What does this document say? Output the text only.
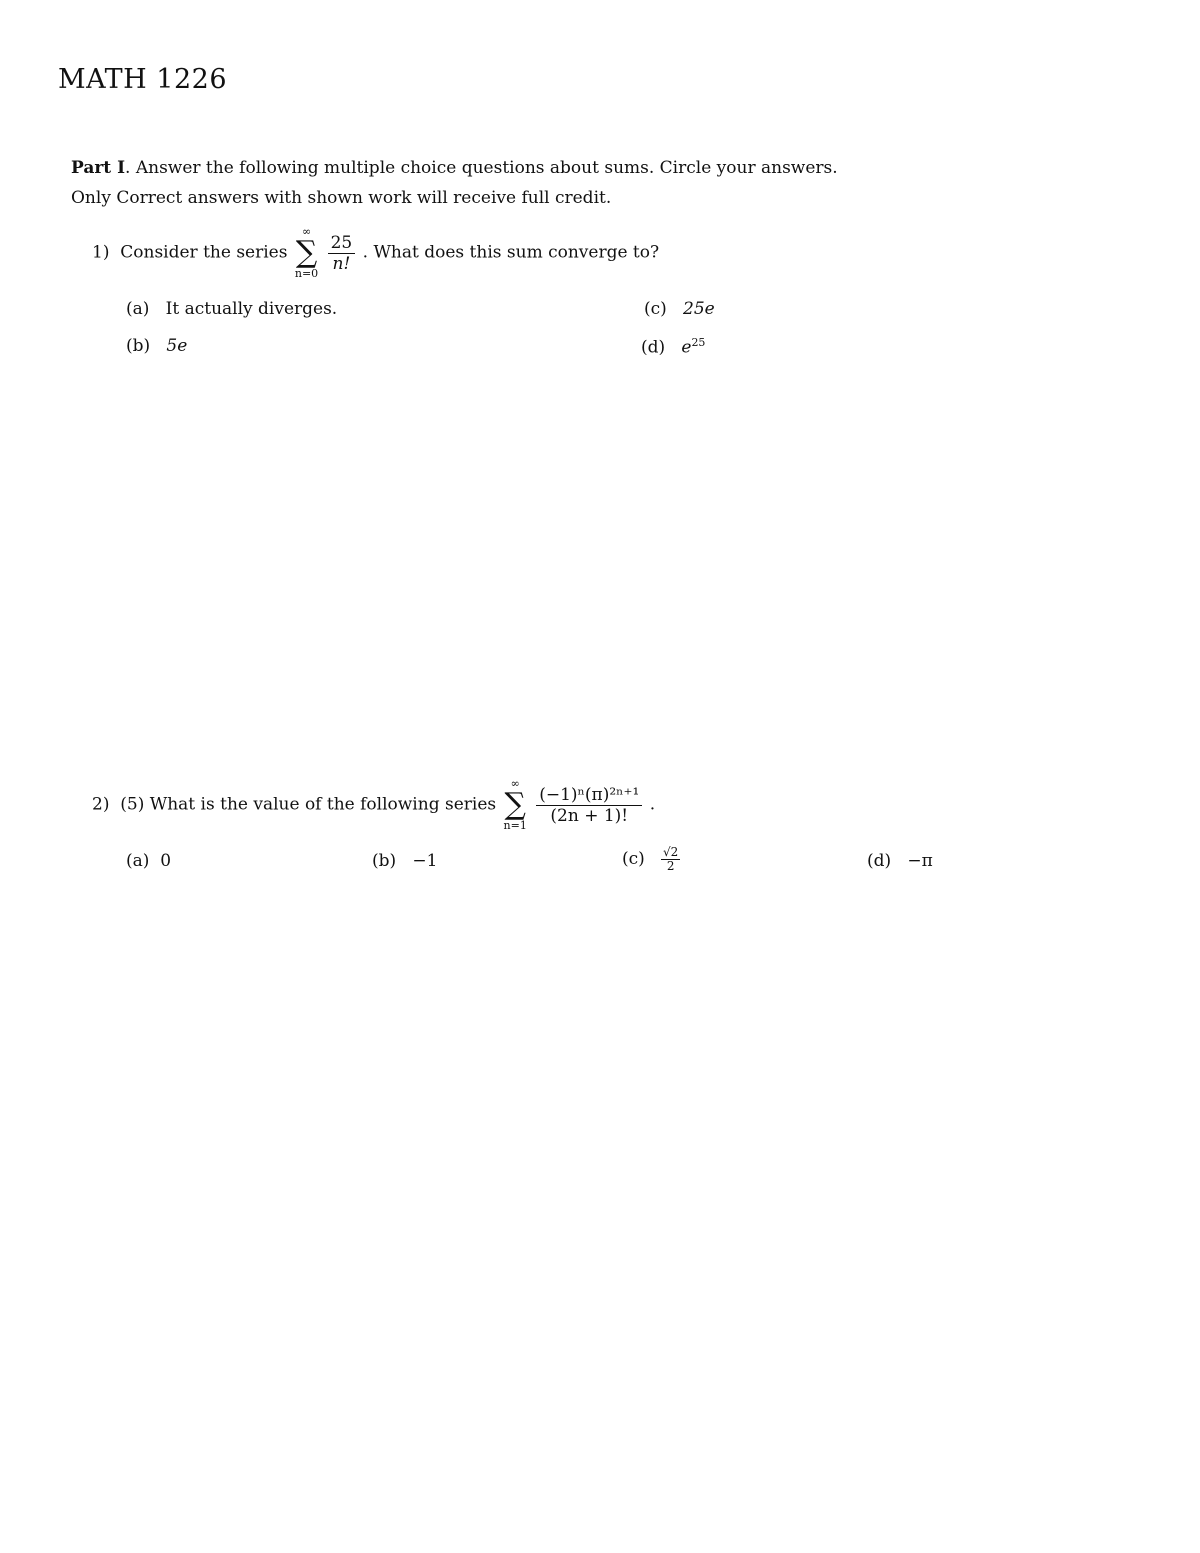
MATH 1226
Part I. Answer the following multiple choice questions about sums. Circle your answers.
Only Correct answers with shown work will receive full credit.
1) Consider the series
∞
∑
n=0

$\frac{25}{n!}$ . What does this sum converge to?
(a) It actually diverges.
(b) 5e
(c) 25e
(d) $e^{25}$
2) (5) What is the value of the following series
∞
∑
n=1

$\frac{\text{(−1)ⁿ(π)²ⁿ⁺¹}}{(2n + 1)!}$ .
(a) 0	(b) −1	$(c) \frac{√2}{2}$	(d) −π
